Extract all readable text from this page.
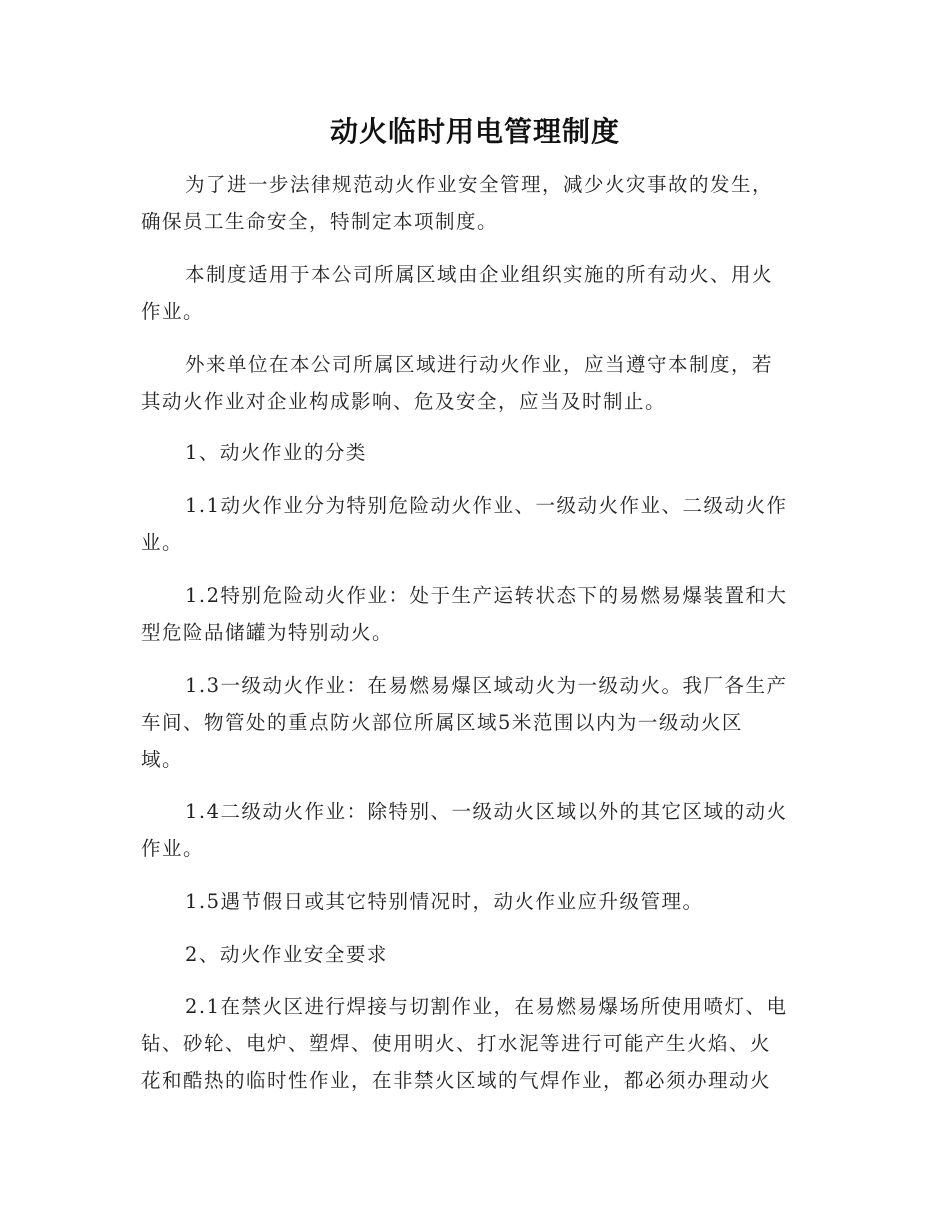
动火临时用电管理制度

为了进一步法律规范动火作业安全管理，减少火灾事故的发生，
确保员工生命安全，特制定本项制度。

本制度适用于本公司所属区域由企业组织实施的所有动火、用火
作业。

外来单位在本公司所属区域进行动火作业，应当遵守本制度，若
其动火作业对企业构成影响、危及安全，应当及时制止。

1、动火作业的分类

1.1动火作业分为特别危险动火作业、一级动火作业、二级动火作
业。

1.2特别危险动火作业：处于生产运转状态下的易燃易爆装置和大
型危险品储罐为特别动火。

1.3一级动火作业：在易燃易爆区域动火为一级动火。我厂各生产
车间、物管处的重点防火部位所属区域5米范围以内为一级动火区
域。

1.4二级动火作业：除特别、一级动火区域以外的其它区域的动火
作业。

1.5遇节假日或其它特别情况时，动火作业应升级管理。

2、动火作业安全要求

2.1在禁火区进行焊接与切割作业，在易燃易爆场所使用喷灯、电
钻、砂轮、电炉、塑焊、使用明火、打水泥等进行可能产生火焰、火
花和酷热的临时性作业，在非禁火区域的气焊作业，都必须办理动火
